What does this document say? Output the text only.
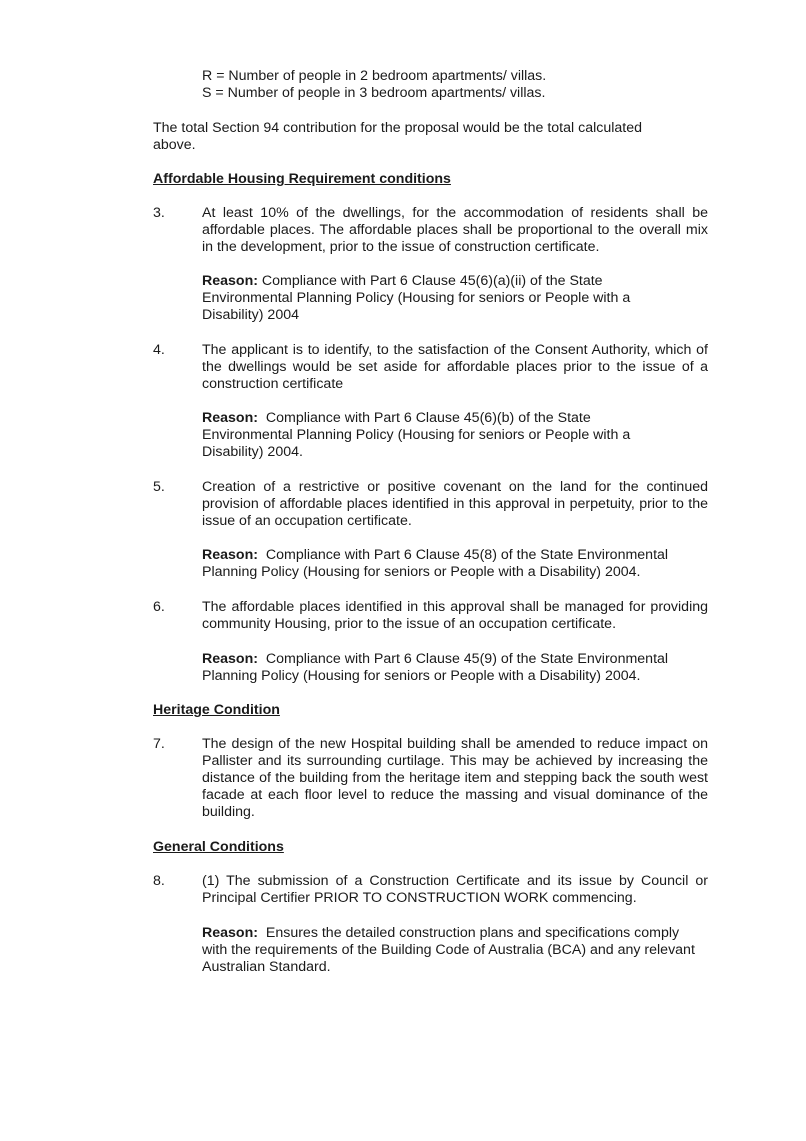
R = Number of people in 2 bedroom apartments/ villas.
S = Number of people in 3 bedroom apartments/ villas.
The total Section 94 contribution for the proposal would be the total calculated above.
Affordable Housing Requirement conditions
3.	At least 10% of the dwellings, for the accommodation of residents shall be affordable places. The affordable places shall be proportional to the overall mix in the development, prior to the issue of construction certificate.
Reason: Compliance with Part 6 Clause 45(6)(a)(ii) of the State Environmental Planning Policy (Housing for seniors or People with a Disability) 2004
4.	The applicant is to identify, to the satisfaction of the Consent Authority, which of the dwellings would be set aside for affordable places prior to the issue of a construction certificate
Reason:  Compliance with Part 6 Clause 45(6)(b) of the State Environmental Planning Policy (Housing for seniors or People with a Disability) 2004.
5.	Creation of a restrictive or positive covenant on the land for the continued provision of affordable places identified in this approval in perpetuity, prior to the issue of an occupation certificate.
Reason:  Compliance with Part 6 Clause 45(8) of the State Environmental Planning Policy (Housing for seniors or People with a Disability) 2004.
6.	The affordable places identified in this approval shall be managed for providing community Housing, prior to the issue of an occupation certificate.
Reason:  Compliance with Part 6 Clause 45(9) of the State Environmental Planning Policy (Housing for seniors or People with a Disability) 2004.
Heritage Condition
7.	The design of the new Hospital building shall be amended to reduce impact on Pallister and its surrounding curtilage. This may be achieved by increasing the distance of the building from the heritage item and stepping back the south west facade at each floor level to reduce the massing and visual dominance of the building.
General Conditions
8.	(1) The submission of a Construction Certificate and its issue by Council or Principal Certifier PRIOR TO CONSTRUCTION WORK commencing.
Reason:  Ensures the detailed construction plans and specifications comply with the requirements of the Building Code of Australia (BCA) and any relevant Australian Standard.
